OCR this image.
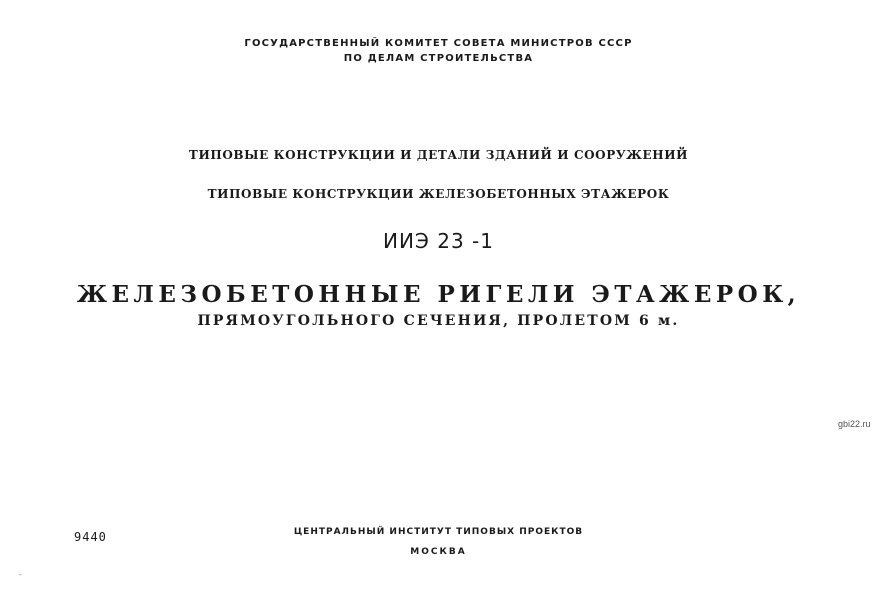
ГОСУДАРСТВЕННЫЙ КОМИТЕТ СОВЕТА МИНИСТРОВ СССР
ПО ДЕЛАМ СТРОИТЕЛЬСТВА
ТИПОВЫЕ КОНСТРУКЦИИ И ДЕТАЛИ ЗДАНИЙ И СООРУЖЕНИЙ
ТИПОВЫЕ КОНСТРУКЦИИ ЖЕЛЕЗОБЕТОННЫХ ЭТАЖЕРОК
ИИЭ 23 -1
ЖЕЛЕЗОБЕТОННЫЕ РИГЕЛИ ЭТАЖЕРОК,
ПРЯМОУГОЛЬНОГО СЕЧЕНИЯ, ПРОЛЕТОМ 6 м.
gbi22.ru
9440	ЦЕНТРАЛЬНЫЙ ИНСТИТУТ ТИПОВЫХ ПРОЕКТОВ
МОСКВА
-
